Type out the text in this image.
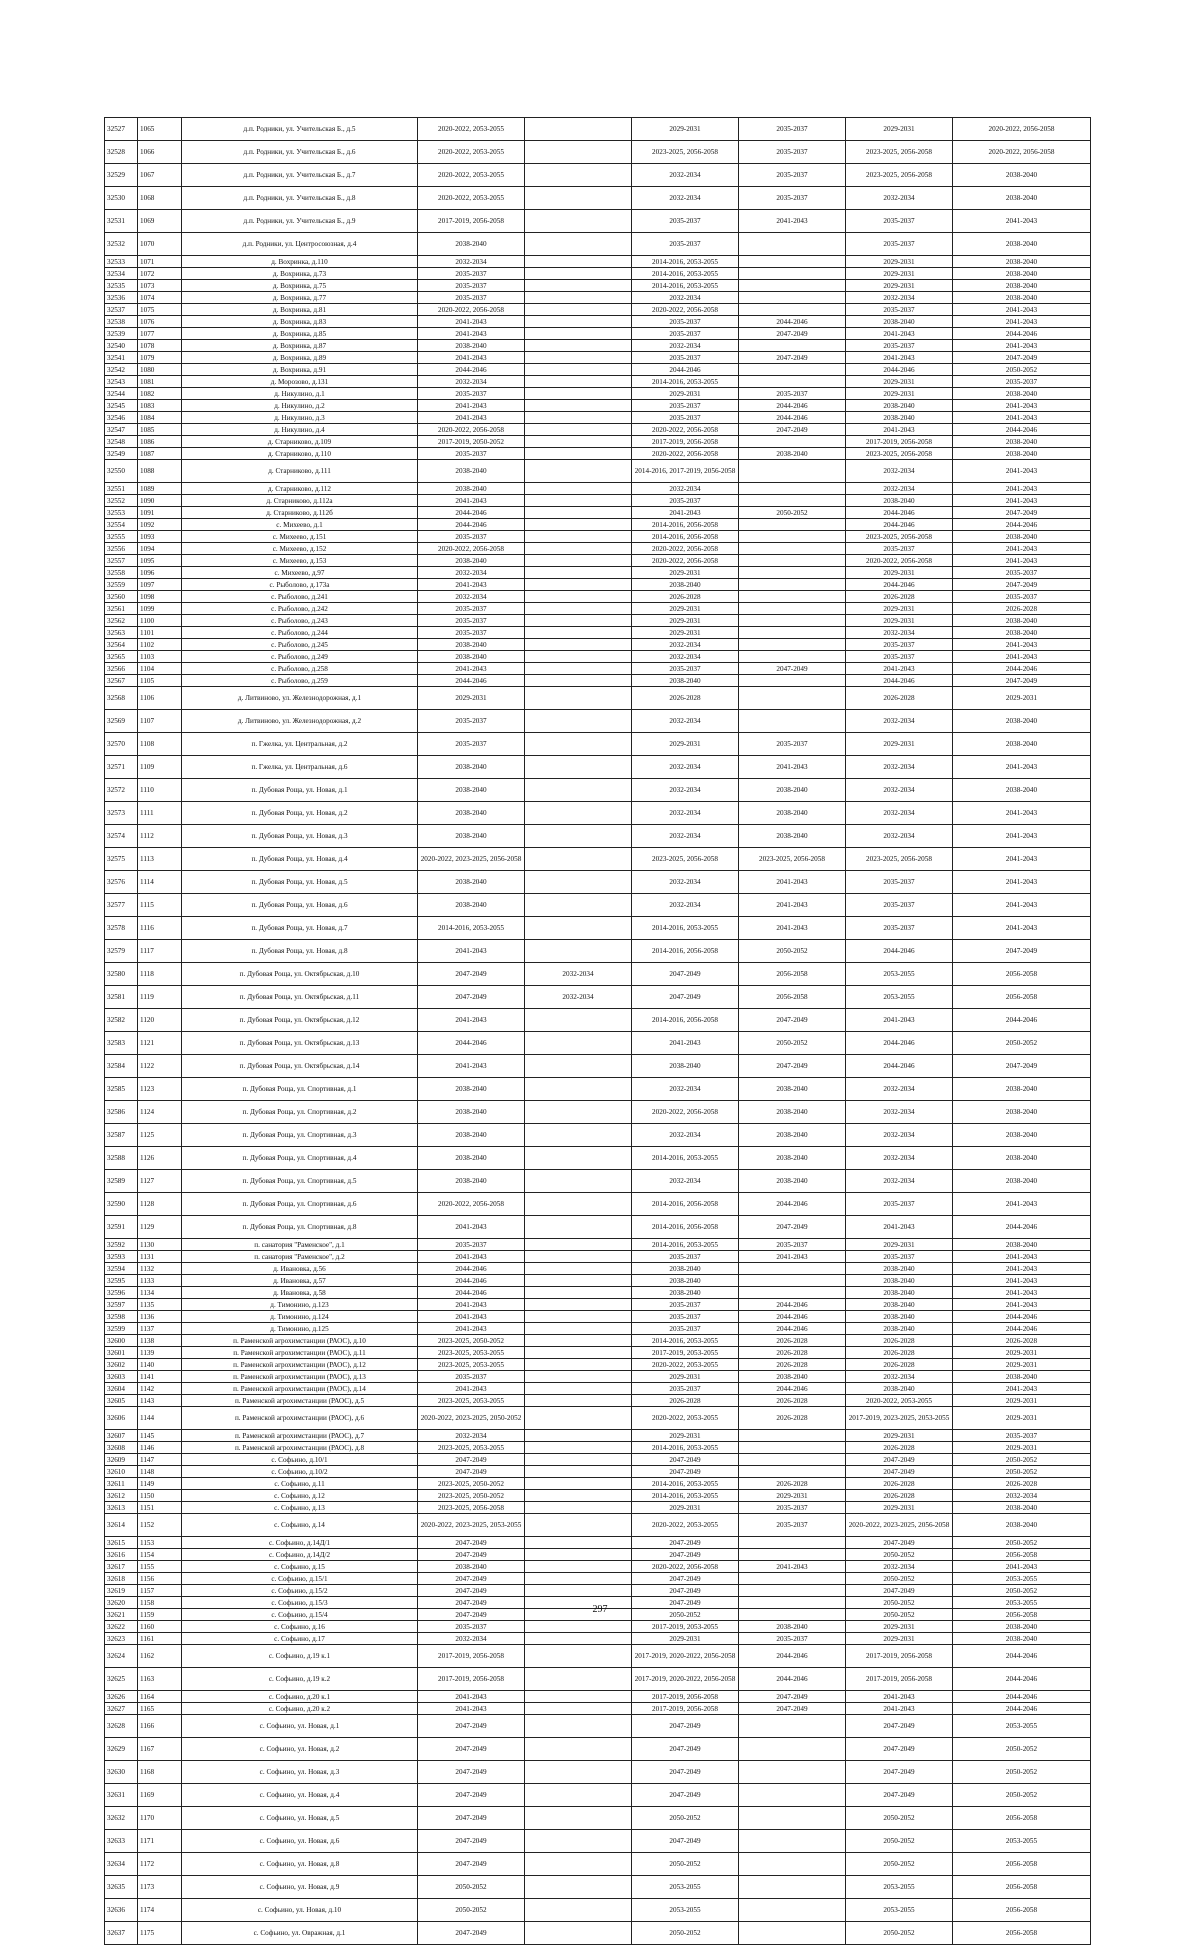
32527	1065	д.п. Родники, ул. Учительская Б., д.5	2020-2022, 2053-2055		2029-2031	2035-2037	2029-2031	2020-2022, 2056-2058
32528	1066	д.п. Родники, ул. Учительская Б., д.6	2020-2022, 2053-2055		2023-2025, 2056-2058	2035-2037	2023-2025, 2056-2058	2020-2022, 2056-2058
32529	1067	д.п. Родники, ул. Учительская Б., д.7	2020-2022, 2053-2055		2032-2034	2035-2037	2023-2025, 2056-2058	2038-2040
32530	1068	д.п. Родники, ул. Учительская Б., д.8	2020-2022, 2053-2055		2032-2034	2035-2037	2032-2034	2038-2040
32531	1069	д.п. Родники, ул. Учительская Б., д.9	2017-2019, 2056-2058		2035-2037	2041-2043	2035-2037	2041-2043
32532	1070	д.п. Родники, ул. Центросоюзная, д.4	2038-2040		2035-2037		2035-2037	2038-2040
32533	1071	д. Вохринка, д.110	2032-2034		2014-2016, 2053-2055		2029-2031	2038-2040
32534	1072	д. Вохринка, д.73	2035-2037		2014-2016, 2053-2055		2029-2031	2038-2040
32535	1073	д. Вохринка, д.75	2035-2037		2014-2016, 2053-2055		2029-2031	2038-2040
32536	1074	д. Вохринка, д.77	2035-2037		2032-2034		2032-2034	2038-2040
32537	1075	д. Вохринка, д.81	2020-2022, 2056-2058		2020-2022, 2056-2058		2035-2037	2041-2043
32538	1076	д. Вохринка, д.83	2041-2043		2035-2037	2044-2046	2038-2040	2041-2043
32539	1077	д. Вохринка, д.85	2041-2043		2035-2037	2047-2049	2041-2043	2044-2046
32540	1078	д. Вохринка, д.87	2038-2040		2032-2034		2035-2037	2041-2043
32541	1079	д. Вохринка, д.89	2041-2043		2035-2037	2047-2049	2041-2043	2047-2049
32542	1080	д. Вохринка, д.91	2044-2046		2044-2046		2044-2046	2050-2052
32543	1081	д. Морозово, д.131	2032-2034		2014-2016, 2053-2055		2029-2031	2035-2037
32544	1082	д. Никулино, д.1	2035-2037		2029-2031	2035-2037	2029-2031	2038-2040
32545	1083	д. Никулино, д.2	2041-2043		2035-2037	2044-2046	2038-2040	2041-2043
32546	1084	д. Никулино, д.3	2041-2043		2035-2037	2044-2046	2038-2040	2041-2043
32547	1085	д. Никулино, д.4	2020-2022, 2056-2058		2020-2022, 2056-2058	2047-2049	2041-2043	2044-2046
32548	1086	д. Старниково, д.109	2017-2019, 2050-2052		2017-2019, 2056-2058		2017-2019, 2056-2058	2038-2040
32549	1087	д. Старниково, д.110	2035-2037		2020-2022, 2056-2058	2038-2040	2023-2025, 2056-2058	2038-2040
32550	1088	д. Старниково, д.111	2038-2040		2014-2016, 2017-2019, 2056-2058		2032-2034	2041-2043
32551	1089	д. Старниково, д.112	2038-2040		2032-2034		2032-2034	2041-2043
32552	1090	д. Старниково, д.112а	2041-2043		2035-2037		2038-2040	2041-2043
32553	1091	д. Старниково, д.112б	2044-2046		2041-2043	2050-2052	2044-2046	2047-2049
32554	1092	с. Михеево, д.1	2044-2046		2014-2016, 2056-2058		2044-2046	2044-2046
32555	1093	с. Михеево, д.151	2035-2037		2014-2016, 2056-2058		2023-2025, 2056-2058	2038-2040
32556	1094	с. Михеево, д.152	2020-2022, 2056-2058		2020-2022, 2056-2058		2035-2037	2041-2043
32557	1095	с. Михеево, д.153	2038-2040		2020-2022, 2056-2058		2020-2022, 2056-2058	2041-2043
32558	1096	с. Михеево, д.97	2032-2034		2029-2031		2029-2031	2035-2037
32559	1097	с. Рыболово, д.173а	2041-2043		2038-2040		2044-2046	2047-2049
32560	1098	с. Рыболово, д.241	2032-2034		2026-2028		2026-2028	2035-2037
32561	1099	с. Рыболово, д.242	2035-2037		2029-2031		2029-2031	2026-2028
32562	1100	с. Рыболово, д.243	2035-2037		2029-2031		2029-2031	2038-2040
32563	1101	с. Рыболово, д.244	2035-2037		2029-2031		2032-2034	2038-2040
32564	1102	с. Рыболово, д.245	2038-2040		2032-2034		2035-2037	2041-2043
32565	1103	с. Рыболово, д.249	2038-2040		2032-2034		2035-2037	2041-2043
32566	1104	с. Рыболово, д.258	2041-2043		2035-2037	2047-2049	2041-2043	2044-2046
32567	1105	с. Рыболово, д.259	2044-2046		2038-2040		2044-2046	2047-2049
32568	1106	д. Литвиново, ул. Железнодорожная, д.1	2029-2031		2026-2028		2026-2028	2029-2031
32569	1107	д. Литвиново, ул. Железнодорожная, д.2	2035-2037		2032-2034		2032-2034	2038-2040
32570	1108	п. Гжелка, ул. Центральная, д.2	2035-2037		2029-2031	2035-2037	2029-2031	2038-2040
32571	1109	п. Гжелка, ул. Центральная, д.6	2038-2040		2032-2034	2041-2043	2032-2034	2041-2043
32572	1110	п. Дубовая Роща, ул. Новая, д.1	2038-2040		2032-2034	2038-2040	2032-2034	2038-2040
32573	1111	п. Дубовая Роща, ул. Новая, д.2	2038-2040		2032-2034	2038-2040	2032-2034	2041-2043
32574	1112	п. Дубовая Роща, ул. Новая, д.3	2038-2040		2032-2034	2038-2040	2032-2034	2041-2043
32575	1113	п. Дубовая Роща, ул. Новая, д.4	2020-2022, 2023-2025, 2056-2058		2023-2025, 2056-2058	2023-2025, 2056-2058	2023-2025, 2056-2058	2041-2043
32576	1114	п. Дубовая Роща, ул. Новая, д.5	2038-2040		2032-2034	2041-2043	2035-2037	2041-2043
32577	1115	п. Дубовая Роща, ул. Новая, д.6	2038-2040		2032-2034	2041-2043	2035-2037	2041-2043
32578	1116	п. Дубовая Роща, ул. Новая, д.7	2014-2016, 2053-2055		2014-2016, 2053-2055	2041-2043	2035-2037	2041-2043
32579	1117	п. Дубовая Роща, ул. Новая, д.8	2041-2043		2014-2016, 2056-2058	2050-2052	2044-2046	2047-2049
32580	1118	п. Дубовая Роща, ул. Октябрьская, д.10	2047-2049	2032-2034	2047-2049	2056-2058	2053-2055	2056-2058
32581	1119	п. Дубовая Роща, ул. Октябрьская, д.11	2047-2049	2032-2034	2047-2049	2056-2058	2053-2055	2056-2058
32582	1120	п. Дубовая Роща, ул. Октябрьская, д.12	2041-2043		2014-2016, 2056-2058	2047-2049	2041-2043	2044-2046
32583	1121	п. Дубовая Роща, ул. Октябрьская, д.13	2044-2046		2041-2043	2050-2052	2044-2046	2050-2052
32584	1122	п. Дубовая Роща, ул. Октябрьская, д.14	2041-2043		2038-2040	2047-2049	2044-2046	2047-2049
32585	1123	п. Дубовая Роща, ул. Спортивная, д.1	2038-2040		2032-2034	2038-2040	2032-2034	2038-2040
32586	1124	п. Дубовая Роща, ул. Спортивная, д.2	2038-2040		2020-2022, 2056-2058	2038-2040	2032-2034	2038-2040
32587	1125	п. Дубовая Роща, ул. Спортивная, д.3	2038-2040		2032-2034	2038-2040	2032-2034	2038-2040
32588	1126	п. Дубовая Роща, ул. Спортивная, д.4	2038-2040		2014-2016, 2053-2055	2038-2040	2032-2034	2038-2040
32589	1127	п. Дубовая Роща, ул. Спортивная, д.5	2038-2040		2032-2034	2038-2040	2032-2034	2038-2040
32590	1128	п. Дубовая Роща, ул. Спортивная, д.6	2020-2022, 2056-2058		2014-2016, 2056-2058	2044-2046	2035-2037	2041-2043
32591	1129	п. Дубовая Роща, ул. Спортивная, д.8	2041-2043		2014-2016, 2056-2058	2047-2049	2041-2043	2044-2046
32592	1130	п. санатория "Раменское", д.1	2035-2037		2014-2016, 2053-2055	2035-2037	2029-2031	2038-2040
32593	1131	п. санатория "Раменское", д.2	2041-2043		2035-2037	2041-2043	2035-2037	2041-2043
32594	1132	д. Ивановка, д.56	2044-2046		2038-2040		2038-2040	2041-2043
32595	1133	д. Ивановка, д.57	2044-2046		2038-2040		2038-2040	2041-2043
32596	1134	д. Ивановка, д.58	2044-2046		2038-2040		2038-2040	2041-2043
32597	1135	д. Тимонино, д.123	2041-2043		2035-2037	2044-2046	2038-2040	2041-2043
32598	1136	д. Тимонино, д.124	2041-2043		2035-2037	2044-2046	2038-2040	2044-2046
32599	1137	д. Тимонино, д.125	2041-2043		2035-2037	2044-2046	2038-2040	2044-2046
32600	1138	п. Раменской агрохимстанции (РАОС), д.10	2023-2025, 2050-2052		2014-2016, 2053-2055	2026-2028	2026-2028	2026-2028
32601	1139	п. Раменской агрохимстанции (РАОС), д.11	2023-2025, 2053-2055		2017-2019, 2053-2055	2026-2028	2026-2028	2029-2031
32602	1140	п. Раменской агрохимстанции (РАОС), д.12	2023-2025, 2053-2055		2020-2022, 2053-2055	2026-2028	2026-2028	2029-2031
32603	1141	п. Раменской агрохимстанции (РАОС), д.13	2035-2037		2029-2031	2038-2040	2032-2034	2038-2040
32604	1142	п. Раменской агрохимстанции (РАОС), д.14	2041-2043		2035-2037	2044-2046	2038-2040	2041-2043
32605	1143	п. Раменской агрохимстанции (РАОС), д.5	2023-2025, 2053-2055		2026-2028	2026-2028	2020-2022, 2053-2055	2029-2031
32606	1144	п. Раменской агрохимстанции (РАОС), д.6	2020-2022, 2023-2025, 2050-2052		2020-2022, 2053-2055	2026-2028	2017-2019, 2023-2025, 2053-2055	2029-2031
32607	1145	п. Раменской агрохимстанции (РАОС), д.7	2032-2034		2029-2031		2029-2031	2035-2037
32608	1146	п. Раменской агрохимстанции (РАОС), д.8	2023-2025, 2053-2055		2014-2016, 2053-2055		2026-2028	2029-2031
32609	1147	с. Софьино, д.10/1	2047-2049		2047-2049		2047-2049	2050-2052
32610	1148	с. Софьино, д.10/2	2047-2049		2047-2049		2047-2049	2050-2052
32611	1149	с. Софьино, д.11	2023-2025, 2050-2052		2014-2016, 2053-2055	2026-2028	2026-2028	2026-2028
32612	1150	с. Софьино, д.12	2023-2025, 2050-2052		2014-2016, 2053-2055	2029-2031	2026-2028	2032-2034
32613	1151	с. Софьино, д.13	2023-2025, 2056-2058		2029-2031	2035-2037	2029-2031	2038-2040
32614	1152	с. Софьино, д.14	2020-2022, 2023-2025, 2053-2055		2020-2022, 2053-2055	2035-2037	2020-2022, 2023-2025, 2056-2058	2038-2040
32615	1153	с. Софьино, д.14Д/1	2047-2049		2047-2049		2047-2049	2050-2052
32616	1154	с. Софьино, д.14Д/2	2047-2049		2047-2049		2050-2052	2056-2058
32617	1155	с. Софьино, д.15	2038-2040		2020-2022, 2056-2058	2041-2043	2032-2034	2041-2043
32618	1156	с. Софьино, д.15/1	2047-2049		2047-2049		2050-2052	2053-2055
32619	1157	с. Софьино, д.15/2	2047-2049		2047-2049		2047-2049	2050-2052
32620	1158	с. Софьино, д.15/3	2047-2049		2047-2049		2050-2052	2053-2055
32621	1159	с. Софьино, д.15/4	2047-2049		2050-2052		2050-2052	2056-2058
32622	1160	с. Софьино, д.16	2035-2037		2017-2019, 2053-2055	2038-2040	2029-2031	2038-2040
32623	1161	с. Софьино, д.17	2032-2034		2029-2031	2035-2037	2029-2031	2038-2040
32624	1162	с. Софьино, д.19 к.1	2017-2019, 2056-2058		2017-2019, 2020-2022, 2056-2058	2044-2046	2017-2019, 2056-2058	2044-2046
32625	1163	с. Софьино, д.19 к.2	2017-2019, 2056-2058		2017-2019, 2020-2022, 2056-2058	2044-2046	2017-2019, 2056-2058	2044-2046
32626	1164	с. Софьино, д.20 к.1	2041-2043		2017-2019, 2056-2058	2047-2049	2041-2043	2044-2046
32627	1165	с. Софьино, д.20 к.2	2041-2043		2017-2019, 2056-2058	2047-2049	2041-2043	2044-2046
32628	1166	с. Софьино, ул. Новая, д.1	2047-2049		2047-2049		2047-2049	2053-2055
32629	1167	с. Софьино, ул. Новая, д.2	2047-2049		2047-2049		2047-2049	2050-2052
32630	1168	с. Софьино, ул. Новая, д.3	2047-2049		2047-2049		2047-2049	2050-2052
32631	1169	с. Софьино, ул. Новая, д.4	2047-2049		2047-2049		2047-2049	2050-2052
32632	1170	с. Софьино, ул. Новая, д.5	2047-2049		2050-2052		2050-2052	2056-2058
32633	1171	с. Софьино, ул. Новая, д.6	2047-2049		2047-2049		2050-2052	2053-2055
32634	1172	с. Софьино, ул. Новая, д.8	2047-2049		2050-2052		2050-2052	2056-2058
32635	1173	с. Софьино, ул. Новая, д.9	2050-2052		2053-2055		2053-2055	2056-2058
32636	1174	с. Софьино, ул. Новая, д.10	2050-2052		2053-2055		2053-2055	2056-2058
32637	1175	с. Софьино, ул. Овражная, д.1	2047-2049		2050-2052		2050-2052	2056-2058
297
